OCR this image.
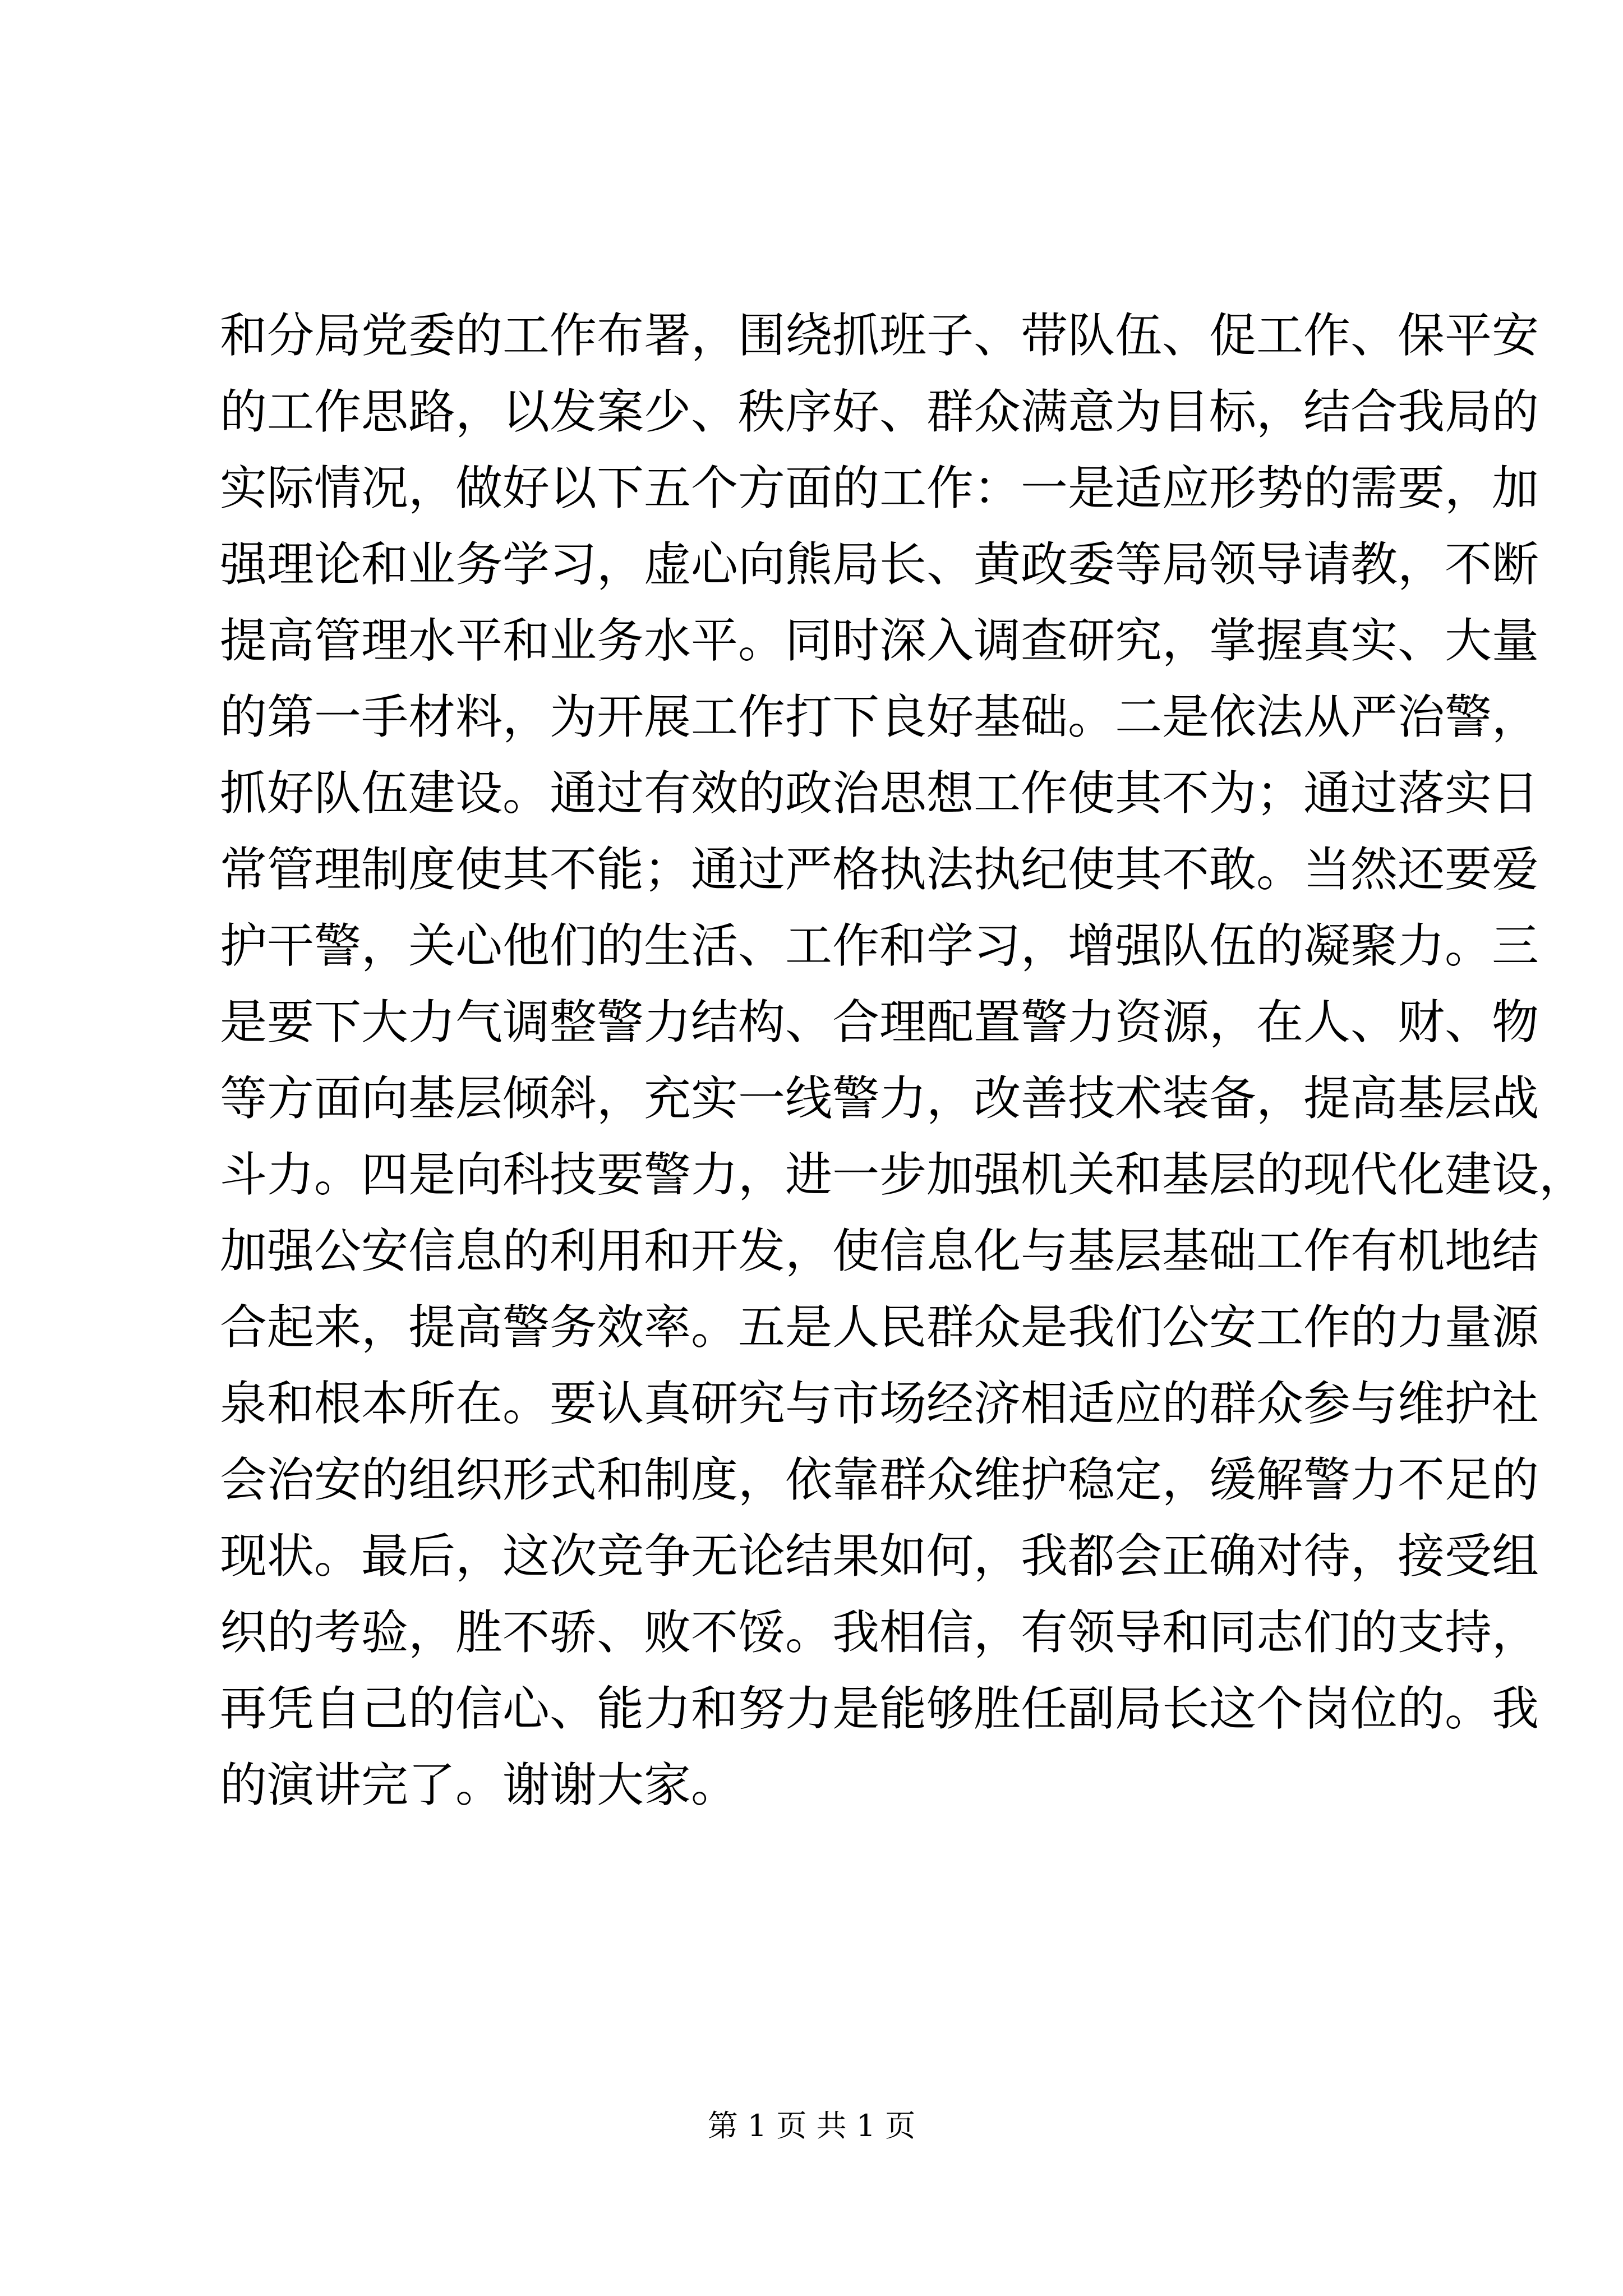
和分局党委的工作布署，围绕抓班子、带队伍、促工作、保平安
的工作思路，以发案少、秩序好、群众满意为目标，结合我局的
实际情况，做好以下五个方面的工作：一是适应形势的需要，加
强理论和业务学习，虚心向熊局长、黄政委等局领导请教，不断
提高管理水平和业务水平。同时深入调查研究，掌握真实、大量
的第一手材料，为开展工作打下良好基础。二是依法从严治警，
抓好队伍建设。通过有效的政治思想工作使其不为；通过落实日
常管理制度使其不能；通过严格执法执纪使其不敢。当然还要爱
护干警，关心他们的生活、工作和学习，增强队伍的凝聚力。三
是要下大力气调整警力结构、合理配置警力资源，在人、财、物
等方面向基层倾斜，充实一线警力，改善技术装备，提高基层战
斗力。四是向科技要警力，进一步加强机关和基层的现代化建设，
加强公安信息的利用和开发，使信息化与基层基础工作有机地结
合起来，提高警务效率。五是人民群众是我们公安工作的力量源
泉和根本所在。要认真研究与市场经济相适应的群众参与维护社
会治安的组织形式和制度，依靠群众维护稳定，缓解警力不足的
现状。最后，这次竞争无论结果如何，我都会正确对待，接受组
织的考验，胜不骄、败不馁。我相信，有领导和同志们的支持，
再凭自己的信心、能力和努力是能够胜任副局长这个岗位的。我
的演讲完了。谢谢大家。
第 1 页 共 1 页
